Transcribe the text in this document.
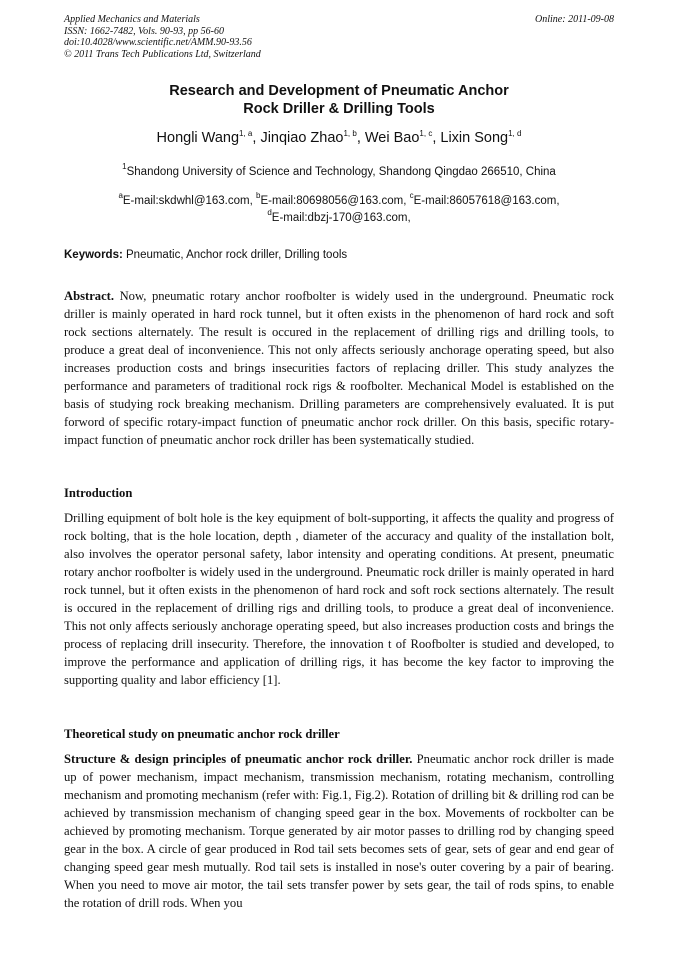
Applied Mechanics and Materials
ISSN: 1662-7482, Vols. 90-93, pp 56-60
doi:10.4028/www.scientific.net/AMM.90-93.56
© 2011 Trans Tech Publications Ltd, Switzerland
Online: 2011-09-08
Research and Development of Pneumatic Anchor
Rock Driller & Drilling Tools
Hongli Wang$^{1, a}$, Jinqiao Zhao$^{1, b}$, Wei Bao$^{1, c}$, Lixin Song$^{1, d}$
$^1$Shandong University of Science and Technology, Shandong Qingdao 266510, China
$^a$E-mail:skdwhl@163.com, $^b$E-mail:80698056@163.com, $^c$E-mail:86057618@163.com,
$^d$E-mail:dbzj-170@163.com,
Keywords: Pneumatic, Anchor rock driller, Drilling tools
Abstract. Now, pneumatic rotary anchor roofbolter is widely used in the underground. Pneumatic rock driller is mainly operated in hard rock tunnel, but it often exists in the phenomenon of hard rock and soft rock sections alternately. The result is occured in the replacement of drilling rigs and drilling tools, to produce a great deal of inconvenience. This not only affects seriously anchorage operating speed, but also increases production costs and brings insecurities factors of replacing driller. This study analyzes the performance and parameters of traditional rock rigs & roofbolter. Mechanical Model is established on the basis of studying rock breaking mechanism. Drilling parameters are comprehensively evaluated. It is put forword of specific rotary-impact function of pneumatic anchor rock driller. On this basis, specific rotary-impact function of pneumatic anchor rock driller has been systematically studied.
Introduction
Drilling equipment of bolt hole is the key equipment of bolt-supporting, it affects the quality and progress of rock bolting, that is the hole location, depth , diameter of the accuracy and quality of the installation bolt, also involves the operator personal safety, labor intensity and operating conditions. At present, pneumatic rotary anchor roofbolter is widely used in the underground. Pneumatic rock driller is mainly operated in hard rock tunnel, but it often exists in the phenomenon of hard rock and soft rock sections alternately. The result is occured in the replacement of drilling rigs and drilling tools, to produce a great deal of inconvenience. This not only affects seriously anchorage operating speed, but also increases production costs and brings the process of replacing drill insecurity. Therefore, the innovation t of Roofbolter is studied and developed, to improve the performance and application of drilling rigs, it has become the key factor to improving the supporting quality and labor efficiency [1].
Theoretical study on pneumatic anchor rock driller
Structure & design principles of pneumatic anchor rock driller. Pneumatic anchor rock driller is made up of power mechanism, impact mechanism, transmission mechanism, rotating mechanism, controlling mechanism and promoting mechanism (refer with: Fig.1, Fig.2). Rotation of drilling bit & drilling rod can be achieved by transmission mechanism of changing speed gear in the box. Movements of rockbolter can be achieved by promoting mechanism. Torque generated by air motor passes to drilling rod by changing speed gear in the box. A circle of gear produced in Rod tail sets becomes sets of gear, sets of gear and end gear of changing speed gear mesh mutually. Rod tail sets is installed in nose's outer covering by a pair of bearing. When you need to move air motor, the tail sets transfer power by sets gear, the tail of rods spins, to enable the rotation of drill rods. When you
